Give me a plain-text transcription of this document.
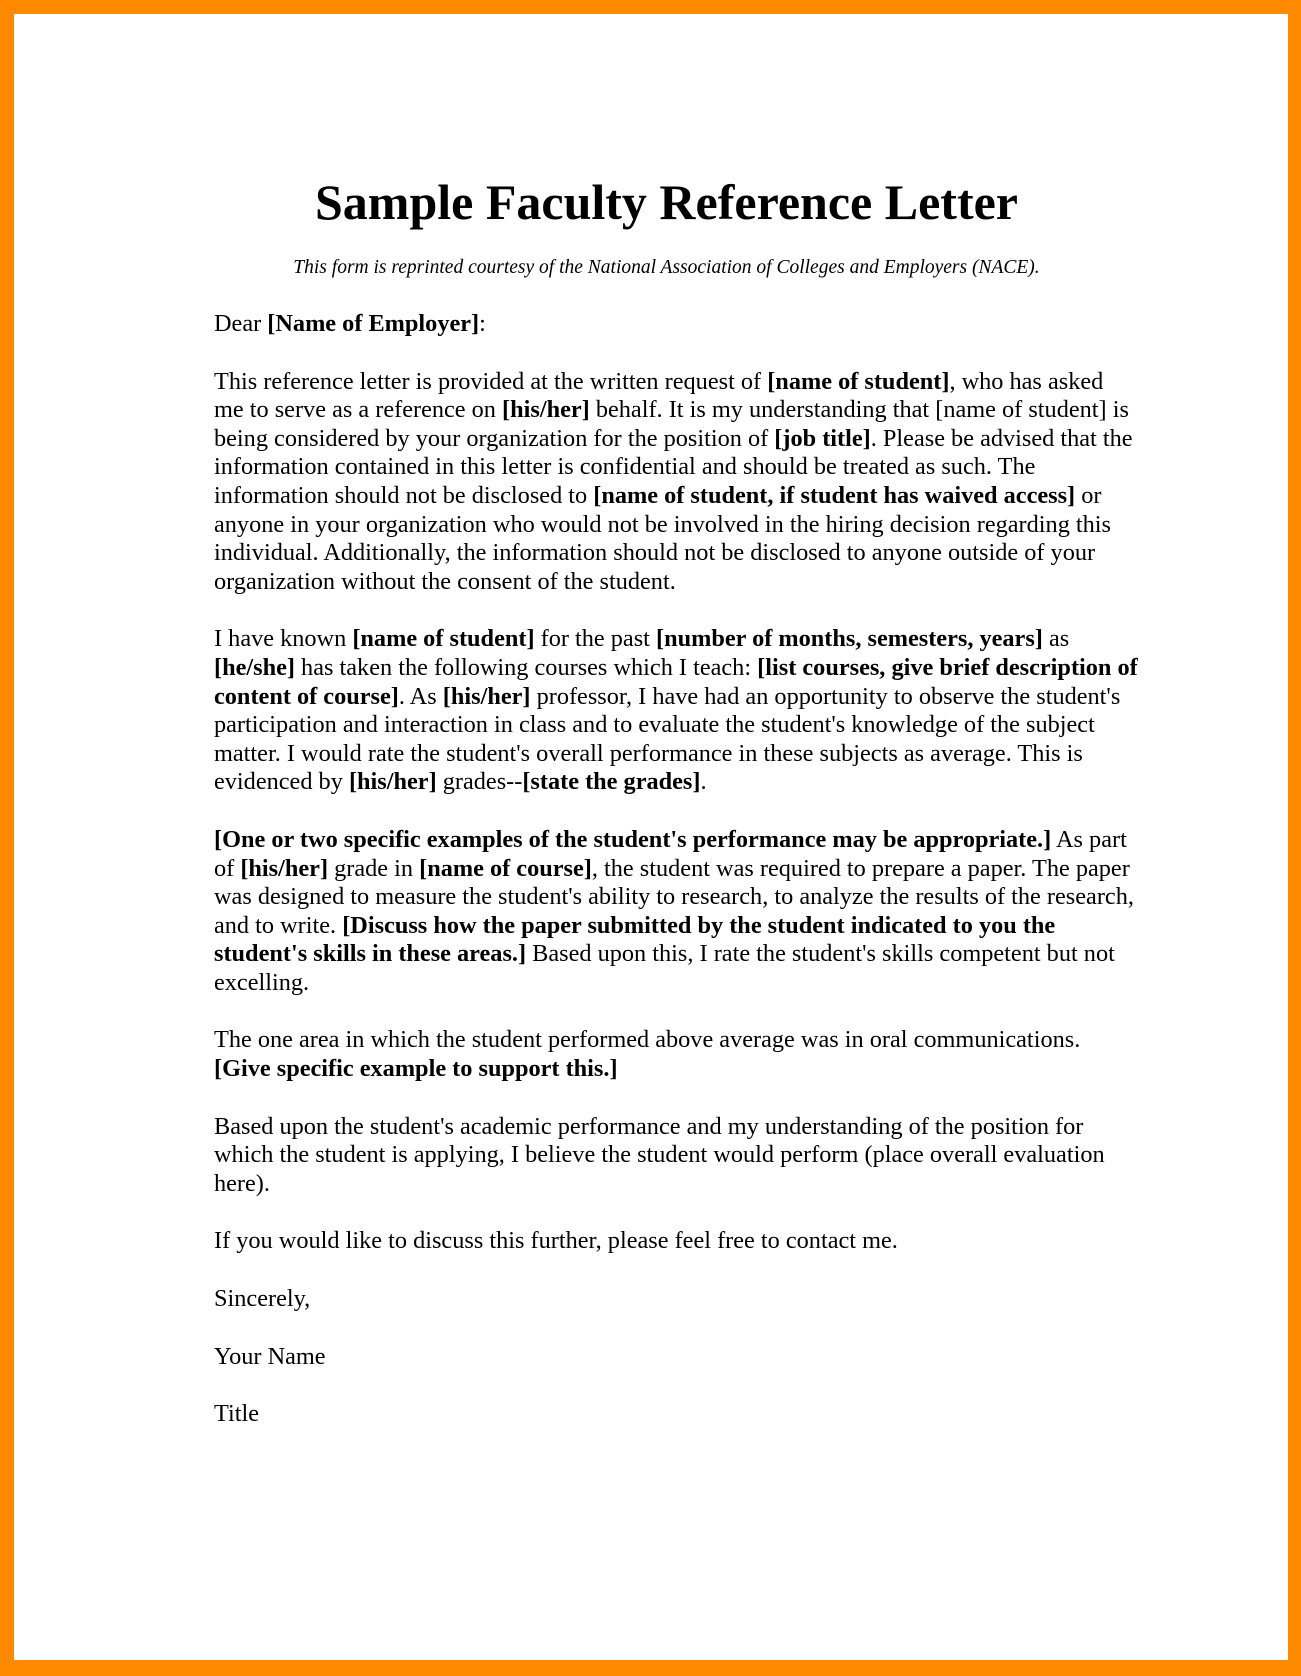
Sample Faculty Reference Letter
This form is reprinted courtesy of the National Association of Colleges and Employers (NACE).
Dear [Name of Employer]:
This reference letter is provided at the written request of [name of student], who has asked me to serve as a reference on [his/her] behalf. It is my understanding that [name of student] is being considered by your organization for the position of [job title]. Please be advised that the information contained in this letter is confidential and should be treated as such. The information should not be disclosed to [name of student, if student has waived access] or anyone in your organization who would not be involved in the hiring decision regarding this individual. Additionally, the information should not be disclosed to anyone outside of your organization without the consent of the student.
I have known [name of student] for the past [number of months, semesters, years] as [he/she] has taken the following courses which I teach: [list courses, give brief description of content of course]. As [his/her] professor, I have had an opportunity to observe the student's participation and interaction in class and to evaluate the student's knowledge of the subject matter. I would rate the student's overall performance in these subjects as average. This is evidenced by [his/her] grades--[state the grades].
[One or two specific examples of the student's performance may be appropriate.] As part of [his/her] grade in [name of course], the student was required to prepare a paper. The paper was designed to measure the student's ability to research, to analyze the results of the research, and to write. [Discuss how the paper submitted by the student indicated to you the student's skills in these areas.] Based upon this, I rate the student's skills competent but not excelling.
The one area in which the student performed above average was in oral communications. [Give specific example to support this.]
Based upon the student's academic performance and my understanding of the position for which the student is applying, I believe the student would perform (place overall evaluation here).
If you would like to discuss this further, please feel free to contact me.
Sincerely,
Your Name
Title
